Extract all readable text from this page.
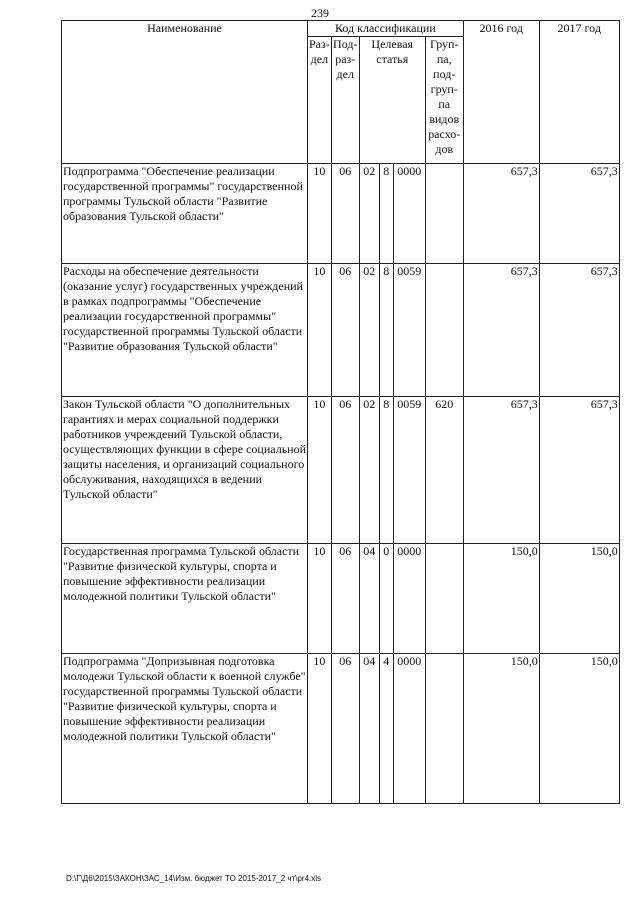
239
Наименование	Код классификации						2016 год	2017 год
	Раз-дел	Под-раз-дел	Целевая статья			Груп-па, под-груп-па видов расхо-дов		
Подпрограмма "Обеспечение реализации государственной программы" государственной программы Тульской области "Развитие образования Тульской области"	10	06	02	8	0000		657,3	657,3
Расходы на обеспечение деятельности (оказание услуг) государственных учреждений в рамках подпрограммы "Обеспечение реализации государственной программы" государственной программы Тульской области "Развитие образования Тульской области"	10	06	02	8	0059		657,3	657,3
Закон Тульской области "О дополнительных гарантиях и мерах социальной поддержки работников учреждений Тульской области, осуществляющих функции в сфере социальной защиты населения, и организаций социального обслуживания, находящихся в ведении Тульской области"	10	06	02	8	0059	620	657,3	657,3
Государственная программа Тульской области "Развитие физической культуры, спорта и повышение эффективности реализации молодежной политики Тульской области"	10	06	04	0	0000		150,0	150,0
Подпрограмма "Допризывная подготовка молодежи Тульской области к военной службе" государственной программы Тульской области "Развитие физической культуры, спорта и повышение эффективности реализации молодежной политики Тульской области"	10	06	04	4	0000		150,0	150,0
D:\Г\Д6\2015\ЗАКОН\ЗАС_14\Изм. бюджет ТО 2015-2017_2 чт\pr4.xls
